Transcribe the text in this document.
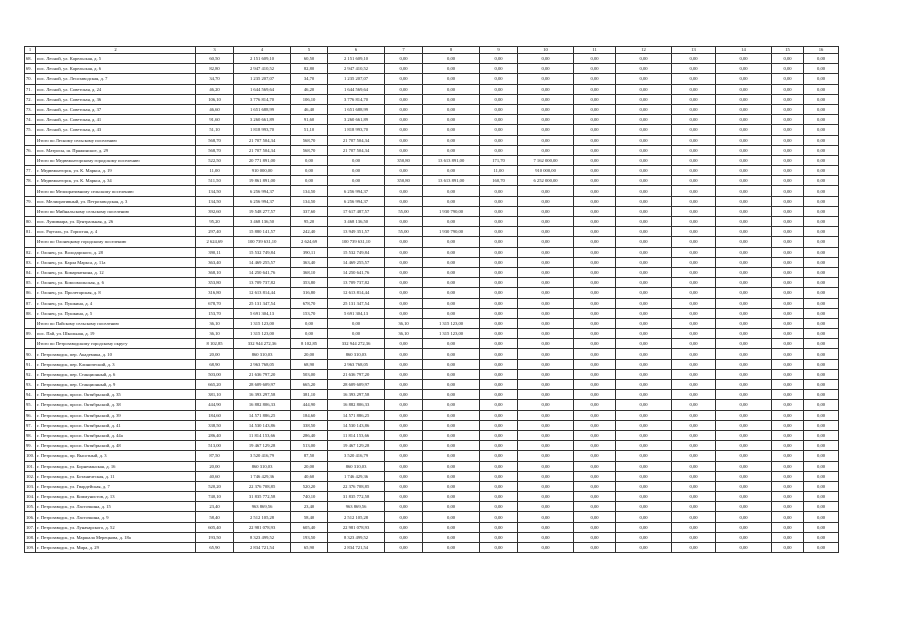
1	2	3	4	5	6	7	8	9	10	11	12	13	14	15	16
68.	пос. Лесной, ул. Карельская, д. 5	60,50	2 151 609,10	60,50	2 151 609,10	0,00	0,00	0,00	0,00	0,00	0,00	0,00	0,00	0,00	0,00
69.	пос. Лесной, ул. Карельская, д. 6	82,80	2 947 410,52	82,80	2 947 410,52	0,00	0,00	0,00	0,00	0,00	0,00	0,00	0,00	0,00	0,00
70.	пос. Лесной, ул. Лесозаводская, д. 7	34,70	1 235 207,07	34,70	1 235 207,07	0,00	0,00	0,00	0,00	0,00	0,00	0,00	0,00	0,00	0,00
71.	пос. Лесной, ул. Советская, д. 24	46,20	1 644 569,64	46,20	1 644 569,64	0,00	0,00	0,00	0,00	0,00	0,00	0,00	0,00	0,00	0,00
72.	пос. Лесной, ул. Советская, д. 36	106,10	3 776 814,70	106,10	3 776 814,70	0,00	0,00	0,00	0,00	0,00	0,00	0,00	0,00	0,00	0,00
73.	пос. Лесной, ул. Советская, д. 37	46,60	1 651 688,99	46,40	1 651 688,99	0,00	0,00	0,00	0,00	0,00	0,00	0,00	0,00	0,00	0,00
74.	пос. Лесной, ул. Советская, д. 41	91,60	3 260 661,89	91,60	3 260 661,89	0,00	0,00	0,00	0,00	0,00	0,00	0,00	0,00	0,00	0,00
75.	пос. Лесной, ул. Советская, д. 43	51,10	1 818 993,70	51,10	1 818 993,70	0,00	0,00	0,00	0,00	0,00	0,00	0,00	0,00	0,00	0,00
	Итого по Лесному сельскому поселению	568,70	21 707 504,34	568,70	21 707 504,34	0,00	0,00	0,00	0,00	0,00	0,00	0,00	0,00	0,00	0,00
76.	пос. Матросы, ш. Пряжинское, д. 29	568,70	21 707 504,34	568,70	21 707 504,34	0,00	0,00	0,00	0,00	0,00	0,00	0,00	0,00	0,00	0,00
	Итого по Медвежьегорскому городскому поселению	522,50	20 771 891,00	0,00	0,00	350,80	13 613 891,00	171,70	7 162 000,00	0,00	0,00	0,00	0,00	0,00	0,00
77.	г. Медвежьегорск, ул. К. Маркса, д. 19	11,00	910 000,00	0,00	0,00	0,00	0,00	11,00	910 000,00	0,00	0,00	0,00	0,00	0,00	0,00
78.	г. Медвежьегорск, ул. К. Маркса, д. 34	511,50	19 861 891,00	0,00	0,00	350,80	13 613 891,00	160,70	6 252 000,00	0,00	0,00	0,00	0,00	0,00	0,00
	Итого по Мелиоративному сельскому поселению	134,50	6 256 994,37	134,50	6 256 994,37	0,00	0,00	0,00	0,00	0,00	0,00	0,00	0,00	0,00	0,00
79.	пос. Мелиоративный, ул. Петрозаводская, д. 3	134,50	6 256 994,37	134,50	6 256 994,37	0,00	0,00	0,00	0,00	0,00	0,00	0,00	0,00	0,00	0,00
	Итого по Мийнальскому сельскому поселению	392,60	19 548 277,57	337,60	17 617 487,57	55,00	1 930 790,00	0,00	0,00	0,00	0,00	0,00	0,00	0,00	0,00
80.	пос. Лумиваара, ул. Центральная, д. 26	95,20	3 468 136,50	95,20	3 468 136,50	0,00	0,00	0,00	0,00	0,00	0,00	0,00	0,00	0,00	0,00
81.	пос. Рауталь, ул. Гористая, д. 4	297,40	15 880 141,57	242,40	13 949 351,57	55,00	1 930 790,00	0,00	0,00	0,00	0,00	0,00	0,00	0,00	0,00
	Итого по Олонецкому городскому поселению	2 624,69	100 739 631,10	2 624,69	100 739 631,10	0,00	0,00	0,00	0,00	0,00	0,00	0,00	0,00	0,00	0,00
82.	г. Олонец, ул. Володарского, д. 28	390,11	15 532 749,84	390,11	15 532 749,84	0,00	0,00	0,00	0,00	0,00	0,00	0,00	0,00	0,00	0,00
83.	г. Олонец, ул. Карла Маркса, д. 11а	363,40	14 469 255,57	363,40	14 469 255,57	0,00	0,00	0,00	0,00	0,00	0,00	0,00	0,00	0,00	0,00
84.	г. Олонец, ул. Комарчаткина, д. 12	368,10	14 250 641,76	368,10	14 250 641,76	0,00	0,00	0,00	0,00	0,00	0,00	0,00	0,00	0,00	0,00
85.	г. Олонец, ул. Комсомольская, д. 6	353,80	13 709 737,82	353,80	13 709 737,82	0,00	0,00	0,00	0,00	0,00	0,00	0,00	0,00	0,00	0,00
86.	г. Олонец, ул. Пролетарская, д. 8	316,80	12 613 814,44	316,80	12 613 814,44	0,00	0,00	0,00	0,00	0,00	0,00	0,00	0,00	0,00	0,00
87.	г. Олонец, ул. Пушкина, д. 4	678,70	25 131 347,54	678,70	25 131 347,54	0,00	0,00	0,00	0,00	0,00	0,00	0,00	0,00	0,00	0,00
88.	г. Олонец, ул. Пушкина, д. 5	153,70	5 691 304,13	153,70	5 691 304,13	0,00	0,00	0,00	0,00	0,00	0,00	0,00	0,00	0,00	0,00
	Итого по Пайскому сельскому поселению	36,10	1 315 123,00	0,00	0,00	36,10	1 315 123,00	0,00	0,00	0,00	0,00	0,00	0,00	0,00	0,00
89.	пос. Пай, ул. Школьная, д. 19	36,10	1 315 123,00	0,00	0,00	36,10	1 315 123,00	0,00	0,00	0,00	0,00	0,00	0,00	0,00	0,00
	Итого по Петрозаводскому городскому округу	8 102,85	332 944 272,36	8 102,85	332 944 272,36	0,00	0,00	0,00	0,00	0,00	0,00	0,00	0,00	0,00	0,00
90.	г. Петрозаводск, пер. Академика, д. 10	20,00	860 310,03	20,00	860 310,03	0,00	0,00	0,00	0,00	0,00	0,00	0,00	0,00	0,00	0,00
91.	г. Петрозаводск, пер. Клинический, д. 3	68,90	2 963 768,05	68,90	2 963 768,05	0,00	0,00	0,00	0,00	0,00	0,00	0,00	0,00	0,00	0,00
92.	г. Петрозаводск, пер. Станционный, д. 6	503,00	21 636 797,20	503,00	21 636 797,20	0,00	0,00	0,00	0,00	0,00	0,00	0,00	0,00	0,00	0,00
93.	г. Петрозаводск, пер. Станционный, д. 9	665,20	28 609 609,97	665,20	28 609 609,97	0,00	0,00	0,00	0,00	0,00	0,00	0,00	0,00	0,00	0,00
94.	г. Петрозаводск, просп. Октябрьский, д. 35	381,10	16 393 297,58	381,10	16 393 297,58	0,00	0,00	0,00	0,00	0,00	0,00	0,00	0,00	0,00	0,00
95.	г. Петрозаводск, просп. Октябрьский, д. 38	444,90	16 882 806,33	444,90	16 882 806,33	0,00	0,00	0,00	0,00	0,00	0,00	0,00	0,00	0,00	0,00
96.	г. Петрозаводск, просп. Октябрьский, д. 39	184,60	14 571 886,25	184,60	14 571 886,25	0,00	0,00	0,00	0,00	0,00	0,00	0,00	0,00	0,00	0,00
97.	г. Петрозаводск, просп. Октябрьский, д. 41	338,50	14 530 143,86	338,50	14 530 143,86	0,00	0,00	0,00	0,00	0,00	0,00	0,00	0,00	0,00	0,00
98.	г. Петрозаводск, просп. Октябрьский, д. 44а	286,40	11 814 153,66	286,40	11 814 153,66	0,00	0,00	0,00	0,00	0,00	0,00	0,00	0,00	0,00	0,00
99.	г. Петрозаводск, просп. Октябрьский, д. 48	513,00	19 467 129,28	513,00	19 467 129,28	0,00	0,00	0,00	0,00	0,00	0,00	0,00	0,00	0,00	0,00
100.	г. Петрозаводск, пр. Высотный, д. 3	87,50	3 520 416,79	87,50	3 520 416,79	0,00	0,00	0,00	0,00	0,00	0,00	0,00	0,00	0,00	0,00
101.	г. Петрозаводск, ул. Борнеманская, д. 16	20,00	860 310,03	20,00	860 310,03	0,00	0,00	0,00	0,00	0,00	0,00	0,00	0,00	0,00	0,00
102.	г. Петрозаводск, ул. Ботаническая, д. 11	40,60	1 746 429,36	40,60	1 746 429,36	0,00	0,00	0,00	0,00	0,00	0,00	0,00	0,00	0,00	0,00
103.	г. Петрозаводск, ул. Гвардейская, д. 7	520,20	22 376 708,85	520,20	22 376 708,85	0,00	0,00	0,00	0,00	0,00	0,00	0,00	0,00	0,00	0,00
104.	г. Петрозаводск, ул. Коммунистов, д. 13	740,10	31 835 772,58	740,10	31 835 772,58	0,00	0,00	0,00	0,00	0,00	0,00	0,00	0,00	0,00	0,00
105.	г. Петрозаводск, ул. Ласточкина, д. 15	23,40	963 869,56	23,40	963 869,56	0,00	0,00	0,00	0,00	0,00	0,00	0,00	0,00	0,00	0,00
106.	г. Петрозаводск, ул. Ласточкина, д. 9	58,40	2 512 105,28	58,40	2 512 105,28	0,00	0,00	0,00	0,00	0,00	0,00	0,00	0,00	0,00	0,00
107.	г. Петрозаводск, ул. Луначарского, д. 52	605,40	22 981 078,93	605,40	22 981 078,93	0,00	0,00	0,00	0,00	0,00	0,00	0,00	0,00	0,00	0,00
108.	г. Петрозаводск, ул. Маршала Мерецкова, д. 18а	193,50	8 323 499,52	193,50	8 323 499,52	0,00	0,00	0,00	0,00	0,00	0,00	0,00	0,00	0,00	0,00
109.	г. Петрозаводск, ул. Мира, д. 29	65,90	2 834 721,54	65,90	2 834 721,54	0,00	0,00	0,00	0,00	0,00	0,00	0,00	0,00	0,00	0,00
